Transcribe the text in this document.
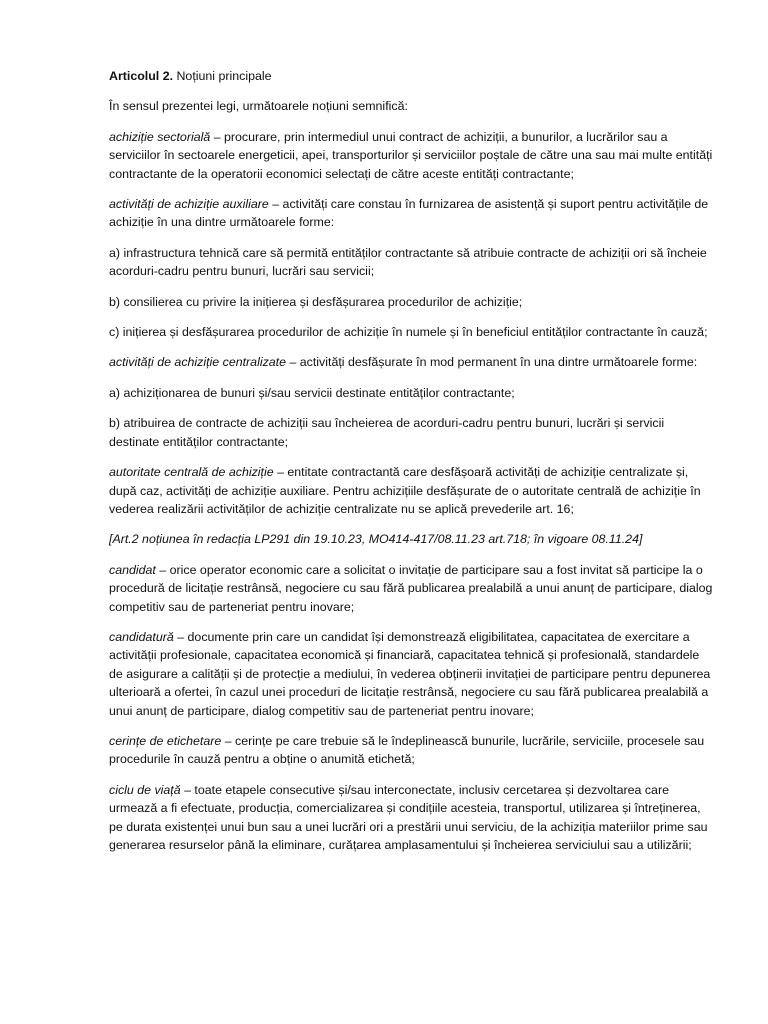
Articolul 2. Noțiuni principale

În sensul prezentei legi, următoarele noțiuni semnifică:

achiziție sectorială – procurare, prin intermediul unui contract de achiziții, a bunurilor, a lucrărilor sau a serviciilor în sectoarele energeticii, apei, transporturilor și serviciilor poștale de către una sau mai multe entități contractante de la operatorii economici selectați de către aceste entități contractante;

activități de achiziție auxiliare – activități care constau în furnizarea de asistență și suport pentru activitățile de achiziție în una dintre următoarele forme:

a) infrastructura tehnică care să permită entităților contractante să atribuie contracte de achiziții ori să încheie acorduri-cadru pentru bunuri, lucrări sau servicii;

b) consilierea cu privire la inițierea și desfășurarea procedurilor de achiziție;

c) inițierea și desfășurarea procedurilor de achiziție în numele și în beneficiul entităților contractante în cauză;

activități de achiziție centralizate – activități desfășurate în mod permanent în una dintre următoarele forme:

a) achiziționarea de bunuri și/sau servicii destinate entităților contractante;

b) atribuirea de contracte de achiziții sau încheierea de acorduri-cadru pentru bunuri, lucrări și servicii destinate entităților contractante;

autoritate centrală de achiziție – entitate contractantă care desfășoară activități de achiziție centralizate și, după caz, activități de achiziție auxiliare. Pentru achizițiile desfășurate de o autoritate centrală de achiziție în vederea realizării activităților de achiziție centralizate nu se aplică prevederile art. 16;

[Art.2 noțiunea în redacția LP291 din 19.10.23, MO414-417/08.11.23 art.718; în vigoare 08.11.24]

candidat – orice operator economic care a solicitat o invitație de participare sau a fost invitat să participe la o procedură de licitație restrânsă, negociere cu sau fără publicarea prealabilă a unui anunț de participare, dialog competitiv sau de parteneriat pentru inovare;

candidatură – documente prin care un candidat își demonstrează eligibilitatea, capacitatea de exercitare a activității profesionale, capacitatea economică și financiară, capacitatea tehnică și profesională, standardele de asigurare a calității și de protecție a mediului, în vederea obținerii invitației de participare pentru depunerea ulterioară a ofertei, în cazul unei proceduri de licitație restrânsă, negociere cu sau fără publicarea prealabilă a unui anunț de participare, dialog competitiv sau de parteneriat pentru inovare;

cerințe de etichetare – cerințe pe care trebuie să le îndeplinească bunurile, lucrările, serviciile, procesele sau procedurile în cauză pentru a obține o anumită etichetă;

ciclu de viață – toate etapele consecutive și/sau interconectate, inclusiv cercetarea și dezvoltarea care urmează a fi efectuate, producția, comercializarea și condițiile acesteia, transportul, utilizarea și întreținerea, pe durata existenței unui bun sau a unei lucrări ori a prestării unui serviciu, de la achiziția materiilor prime sau generarea resurselor până la eliminare, curățarea amplasamentului și încheierea serviciului sau a utilizării;
